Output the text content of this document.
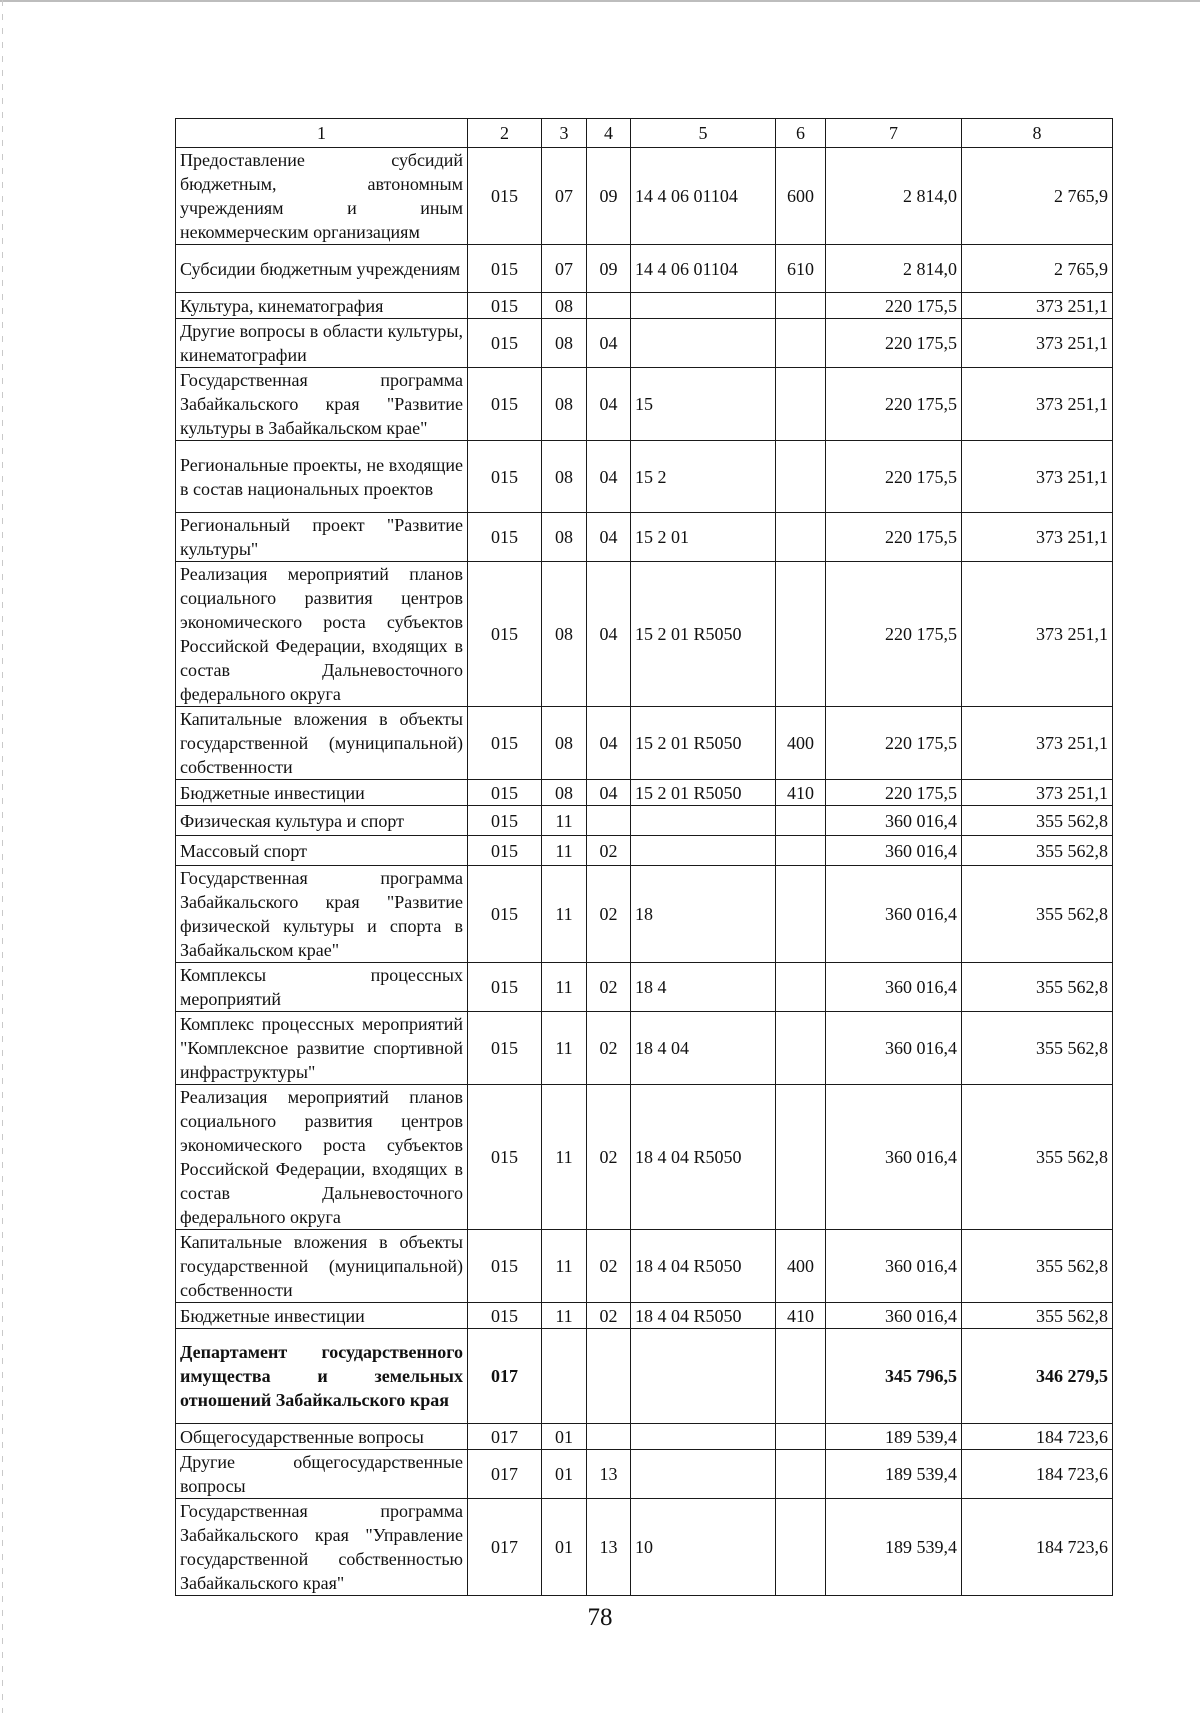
1	2	3	4	5	6	7	8
Предоставление субсидий бюджетным, автономным учреждениям и иным некоммерческим организациям	015	07	09	14 4 06 01104	600	2 814,0	2 765,9
Субсидии бюджетным учреждениям	015	07	09	14 4 06 01104	610	2 814,0	2 765,9
Культура, кинематография	015	08				220 175,5	373 251,1
Другие вопросы в области культуры, кинематографии	015	08	04			220 175,5	373 251,1
Государственная программа Забайкальского края "Развитие культуры в Забайкальском крае"	015	08	04	15		220 175,5	373 251,1
Региональные проекты, не входящие в состав национальных проектов	015	08	04	15 2		220 175,5	373 251,1
Региональный проект "Развитие культуры"	015	08	04	15 2 01		220 175,5	373 251,1
Реализация мероприятий планов социального развития центров экономического роста субъектов Российской Федерации, входящих в состав Дальневосточного федерального округа	015	08	04	15 2 01 R5050		220 175,5	373 251,1
Капитальные вложения в объекты государственной (муниципальной) собственности	015	08	04	15 2 01 R5050	400	220 175,5	373 251,1
Бюджетные инвестиции	015	08	04	15 2 01 R5050	410	220 175,5	373 251,1
Физическая культура и спорт	015	11				360 016,4	355 562,8
Массовый спорт	015	11	02			360 016,4	355 562,8
Государственная программа Забайкальского края "Развитие физической культуры и спорта в Забайкальском крае"	015	11	02	18		360 016,4	355 562,8
Комплексы процессных мероприятий	015	11	02	18 4		360 016,4	355 562,8
Комплекс процессных мероприятий "Комплексное развитие спортивной инфраструктуры"	015	11	02	18 4 04		360 016,4	355 562,8
Реализация мероприятий планов социального развития центров экономического роста субъектов Российской Федерации, входящих в состав Дальневосточного федерального округа	015	11	02	18 4 04 R5050		360 016,4	355 562,8
Капитальные вложения в объекты государственной (муниципальной) собственности	015	11	02	18 4 04 R5050	400	360 016,4	355 562,8
Бюджетные инвестиции	015	11	02	18 4 04 R5050	410	360 016,4	355 562,8
Департамент государственного имущества и земельных отношений Забайкальского края	017					345 796,5	346 279,5
Общегосударственные вопросы	017	01				189 539,4	184 723,6
Другие общегосударственные вопросы	017	01	13			189 539,4	184 723,6
Государственная программа Забайкальского края "Управление государственной собственностью Забайкальского края"	017	01	13	10		189 539,4	184 723,6
78
